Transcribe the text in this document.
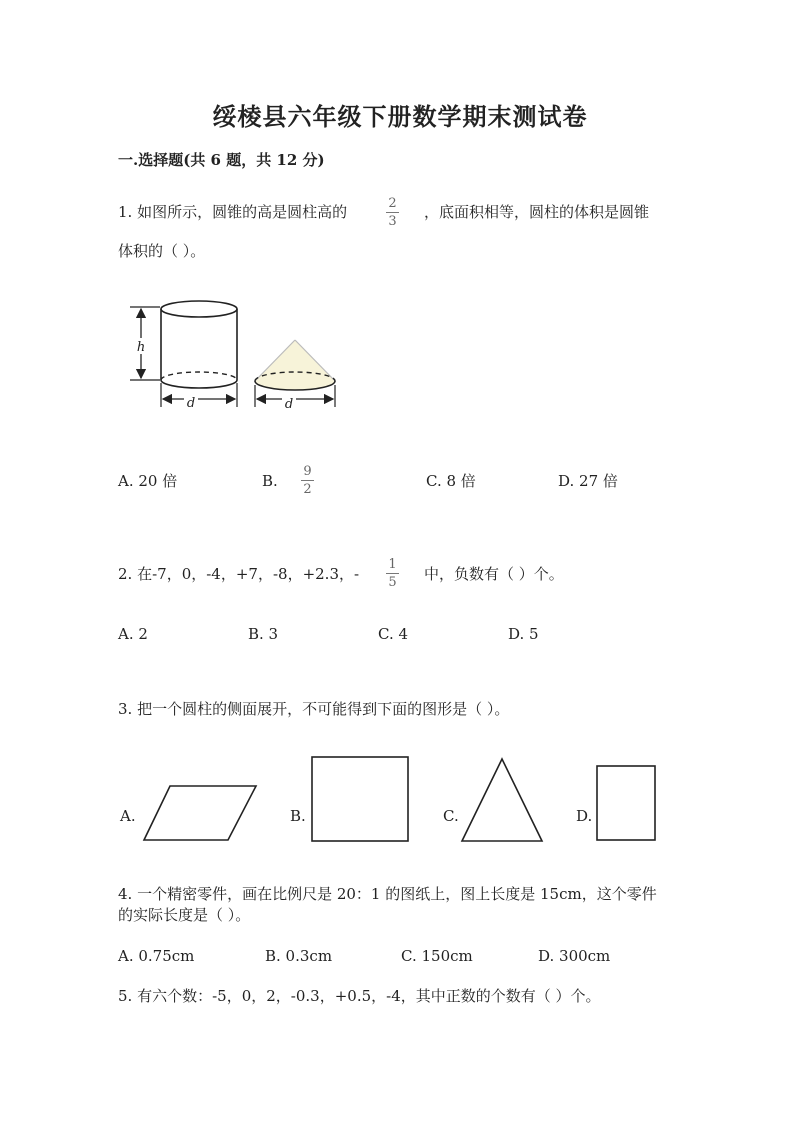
绥棱县六年级下册数学期末测试卷
一.选择题(共 6 题，共 12 分)
1. 如图所示，圆锥的高是圆柱高的	2
3
，底面积相等，圆柱的体积是圆锥
体积的（ ）。
h
d	d
A. 20 倍	B.
9
2	C. 8 倍	D. 27 倍
2. 在-7，0，-4，+7，-8，+2.3，-
1
5 中，负数有（ ）个。
A. 2	B. 3	C. 4	D. 5
3. 把一个圆柱的侧面展开，不可能得到下面的图形是（ ）。
A.	B.	C.	D.
4. 一个精密零件，画在比例尺是 20：1 的图纸上，图上长度是 15cm，这个零件
的实际长度是（ ）。
A. 0.75cm	B. 0.3cm	C. 150cm	D. 300cm
5. 有六个数：-5，0，2，-0.3，+0.5，-4，其中正数的个数有（ ）个。
